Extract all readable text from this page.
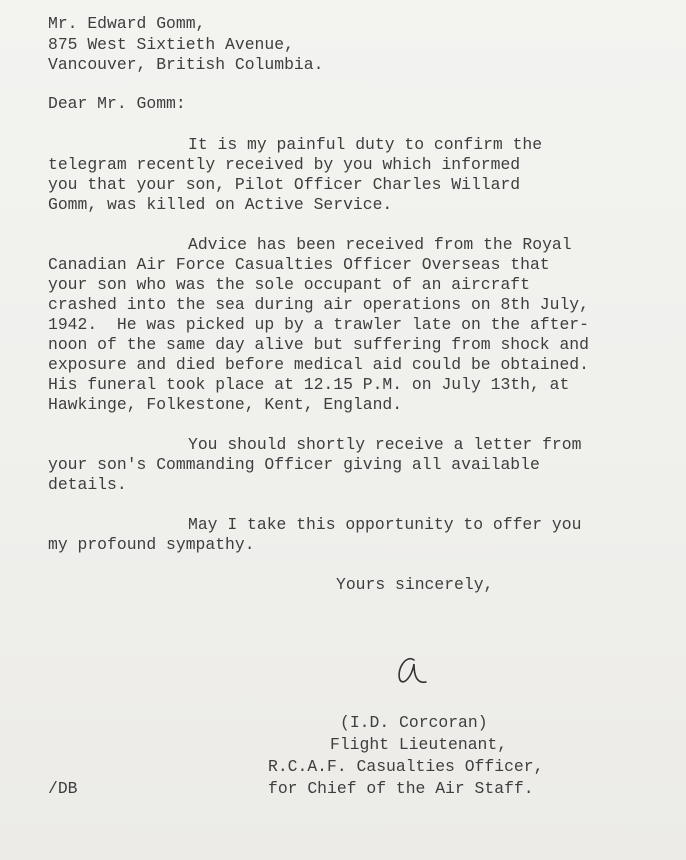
Mr. Edward Gomm,
875 West Sixtieth Avenue,
Vancouver, British Columbia.
Dear Mr. Gomm:
It is my painful duty to confirm the
telegram recently received by you which informed
you that your son, Pilot Officer Charles Willard
Gomm, was killed on Active Service.
Advice has been received from the Royal
Canadian Air Force Casualties Officer Overseas that
your son who was the sole occupant of an aircraft
crashed into the sea during air operations on 8th July,
1942.  He was picked up by a trawler late on the after-
noon of the same day alive but suffering from shock and
exposure and died before medical aid could be obtained.
His funeral took place at 12.15 P.M. on July 13th, at
Hawkinge, Folkestone, Kent, England.
You should shortly receive a letter from
your son's Commanding Officer giving all available
details.
May I take this opportunity to offer you
my profound sympathy.
Yours sincerely,
(I.D. Corcoran)
Flight Lieutenant,
R.C.A.F. Casualties Officer,
for Chief of the Air Staff.
/DB
